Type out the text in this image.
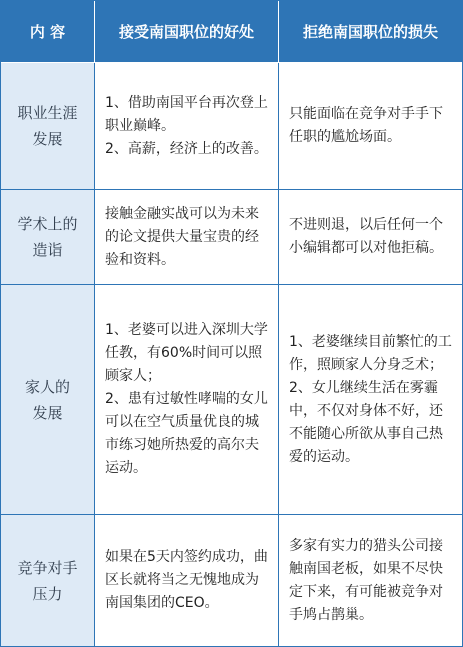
内 容	接受南国职位的好处	拒绝南国职位的损失
职业生涯
发展
1、借助南国平台再次登上职业巅峰。
2、高薪，经济上的改善。
只能面临在竞争对手手下任职的尴尬场面。
学术上的
造诣
接触金融实战可以为未来的论文提供大量宝贵的经验和资料。
不进则退，以后任何一个小编辑都可以对他拒稿。
家人的
发展
1、老婆可以进入深圳大学任教，有60%时间可以照顾家人；
2、患有过敏性哮喘的女儿可以在空气质量优良的城市练习她所热爱的高尔夫运动。
1、老婆继续目前繁忙的工作，照顾家人分身乏术；
2、女儿继续生活在雾霾中，不仅对身体不好，还不能随心所欲从事自己热爱的运动。
竞争对手
压力
如果在5天内签约成功，曲区长就将当之无愧地成为南国集团的CEO。
多家有实力的猎头公司接触南国老板，如果不尽快定下来，有可能被竞争对手鸠占鹊巢。
